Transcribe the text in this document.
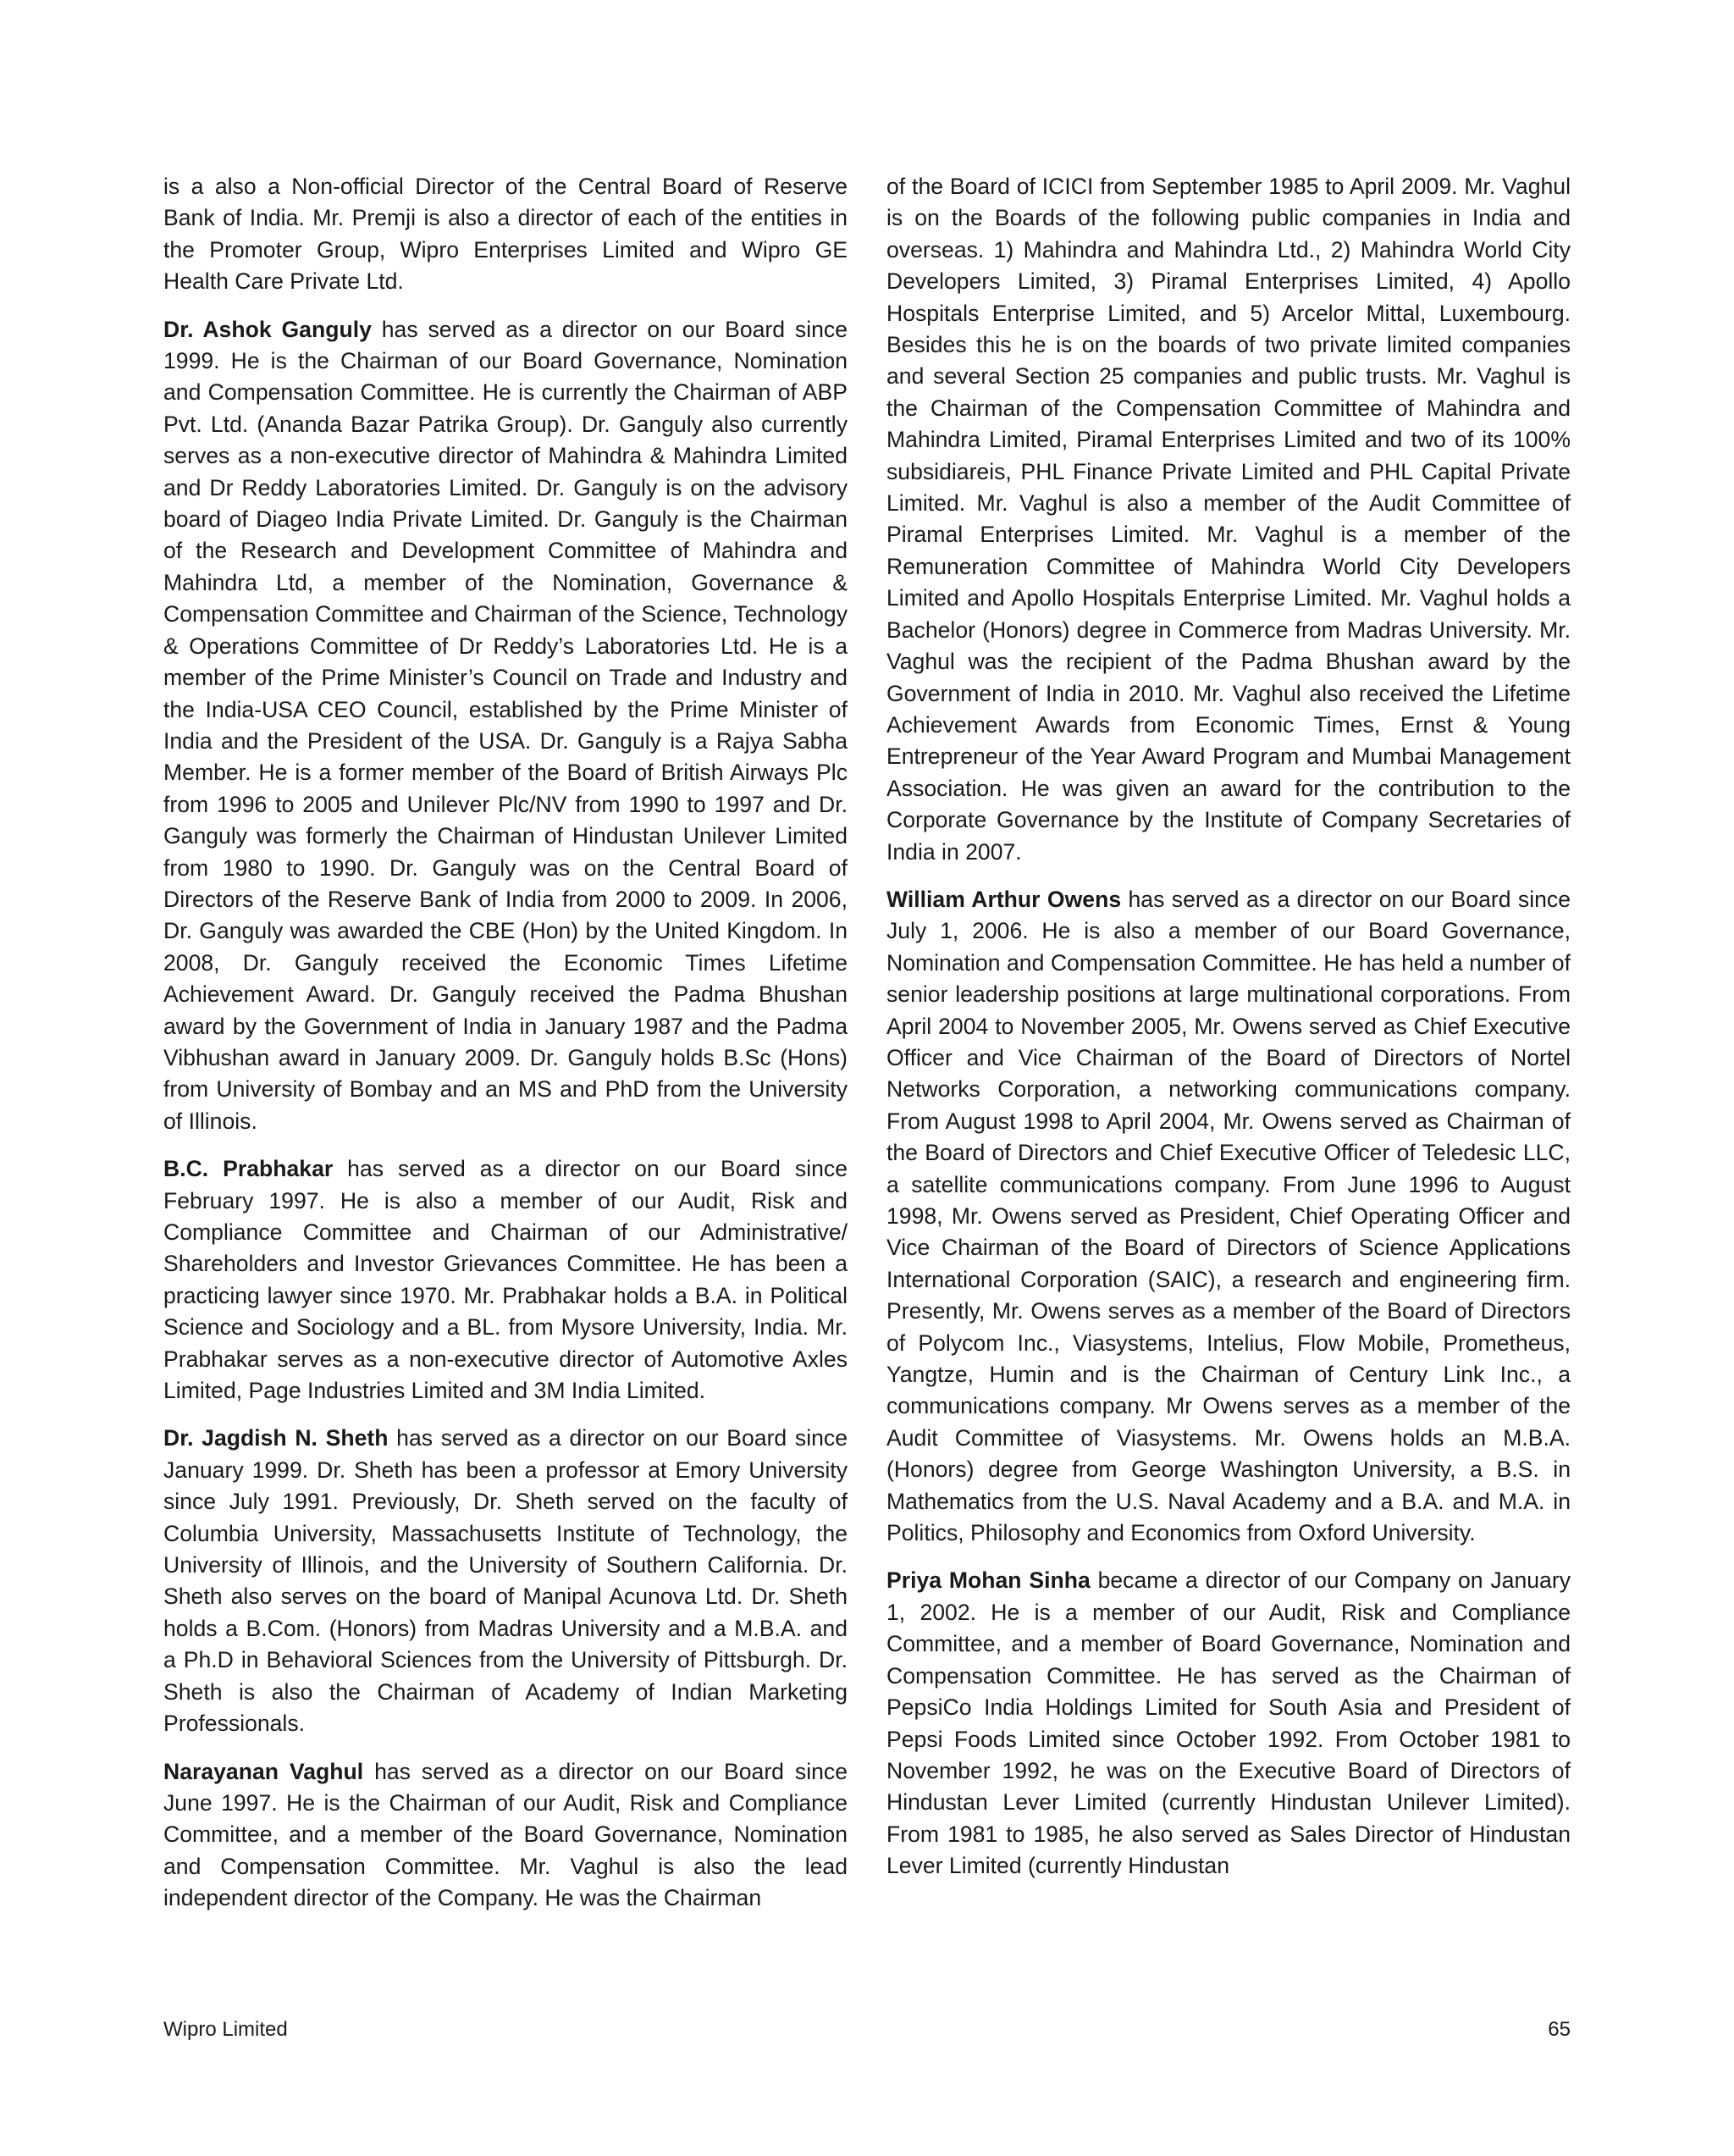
is a also a Non-official Director of the Central Board of Reserve Bank of India. Mr. Premji is also a director of each of the entities in the Promoter Group, Wipro Enterprises Limited and Wipro GE Health Care Private Ltd.

Dr. Ashok Ganguly has served as a director on our Board since 1999. He is the Chairman of our Board Governance, Nomination and Compensation Committee. He is currently the Chairman of ABP Pvt. Ltd. (Ananda Bazar Patrika Group). Dr. Ganguly also currently serves as a non-executive director of Mahindra & Mahindra Limited and Dr Reddy Laboratories Limited. Dr. Ganguly is on the advisory board of Diageo India Private Limited. Dr. Ganguly is the Chairman of the Research and Development Committee of Mahindra and Mahindra Ltd, a member of the Nomination, Governance & Compensation Committee and Chairman of the Science, Technology & Operations Committee of Dr Reddy’s Laboratories Ltd. He is a member of the Prime Minister’s Council on Trade and Industry and the India-USA CEO Council, established by the Prime Minister of India and the President of the USA. Dr. Ganguly is a Rajya Sabha Member. He is a former member of the Board of British Airways Plc from 1996 to 2005 and Unilever Plc/NV from 1990 to 1997 and Dr. Ganguly was formerly the Chairman of Hindustan Unilever Limited from 1980 to 1990. Dr. Ganguly was on the Central Board of Directors of the Reserve Bank of India from 2000 to 2009. In 2006, Dr. Ganguly was awarded the CBE (Hon) by the United Kingdom. In 2008, Dr. Ganguly received the Economic Times Lifetime Achievement Award. Dr. Ganguly received the Padma Bhushan award by the Government of India in January 1987 and the Padma Vibhushan award in January 2009. Dr. Ganguly holds B.Sc (Hons) from University of Bombay and an MS and PhD from the University of Illinois.

B.C. Prabhakar has served as a director on our Board since February 1997. He is also a member of our Audit, Risk and Compliance Committee and Chairman of our Administrative/ Shareholders and Investor Grievances Committee. He has been a practicing lawyer since 1970. Mr. Prabhakar holds a B.A. in Political Science and Sociology and a BL. from Mysore University, India. Mr. Prabhakar serves as a non-executive director of Automotive Axles Limited, Page Industries Limited and 3M India Limited.

Dr. Jagdish N. Sheth has served as a director on our Board since January 1999. Dr. Sheth has been a professor at Emory University since July 1991. Previously, Dr. Sheth served on the faculty of Columbia University, Massachusetts Institute of Technology, the University of Illinois, and the University of Southern California. Dr. Sheth also serves on the board of Manipal Acunova Ltd. Dr. Sheth holds a B.Com. (Honors) from Madras University and a M.B.A. and a Ph.D in Behavioral Sciences from the University of Pittsburgh. Dr. Sheth is also the Chairman of Academy of Indian Marketing Professionals.

Narayanan Vaghul has served as a director on our Board since June 1997. He is the Chairman of our Audit, Risk and Compliance Committee, and a member of the Board Governance, Nomination and Compensation Committee. Mr. Vaghul is also the lead independent director of the Company. He was the Chairman

of the Board of ICICI from September 1985 to April 2009. Mr. Vaghul is on the Boards of the following public companies in India and overseas. 1) Mahindra and Mahindra Ltd., 2) Mahindra World City Developers Limited, 3) Piramal Enterprises Limited, 4) Apollo Hospitals Enterprise Limited, and 5) Arcelor Mittal, Luxembourg. Besides this he is on the boards of two private limited companies and several Section 25 companies and public trusts. Mr. Vaghul is the Chairman of the Compensation Committee of Mahindra and Mahindra Limited, Piramal Enterprises Limited and two of its 100% subsidiareis, PHL Finance Private Limited and PHL Capital Private Limited. Mr. Vaghul is also a member of the Audit Committee of Piramal Enterprises Limited. Mr. Vaghul is a member of the Remuneration Committee of Mahindra World City Developers Limited and Apollo Hospitals Enterprise Limited. Mr. Vaghul holds a Bachelor (Honors) degree in Commerce from Madras University. Mr. Vaghul was the recipient of the Padma Bhushan award by the Government of India in 2010. Mr. Vaghul also received the Lifetime Achievement Awards from Economic Times, Ernst & Young Entrepreneur of the Year Award Program and Mumbai Management Association. He was given an award for the contribution to the Corporate Governance by the Institute of Company Secretaries of India in 2007.

William Arthur Owens has served as a director on our Board since July 1, 2006. He is also a member of our Board Governance, Nomination and Compensation Committee. He has held a number of senior leadership positions at large multinational corporations. From April 2004 to November 2005, Mr. Owens served as Chief Executive Officer and Vice Chairman of the Board of Directors of Nortel Networks Corporation, a networking communications company. From August 1998 to April 2004, Mr. Owens served as Chairman of the Board of Directors and Chief Executive Officer of Teledesic LLC, a satellite communications company. From June 1996 to August 1998, Mr. Owens served as President, Chief Operating Officer and Vice Chairman of the Board of Directors of Science Applications International Corporation (SAIC), a research and engineering firm. Presently, Mr. Owens serves as a member of the Board of Directors of Polycom Inc., Viasystems, Intelius, Flow Mobile, Prometheus, Yangtze, Humin and is the Chairman of Century Link Inc., a communications company. Mr Owens serves as a member of the Audit Committee of Viasystems. Mr. Owens holds an M.B.A. (Honors) degree from George Washington University, a B.S. in Mathematics from the U.S. Naval Academy and a B.A. and M.A. in Politics, Philosophy and Economics from Oxford University.

Priya Mohan Sinha became a director of our Company on January 1, 2002. He is a member of our Audit, Risk and Compliance Committee, and a member of Board Governance, Nomination and Compensation Committee. He has served as the Chairman of PepsiCo India Holdings Limited for South Asia and President of Pepsi Foods Limited since October 1992. From October 1981 to November 1992, he was on the Executive Board of Directors of Hindustan Lever Limited (currently Hindustan Unilever Limited). From 1981 to 1985, he also served as Sales Director of Hindustan Lever Limited (currently Hindustan

Wipro Limited	65
